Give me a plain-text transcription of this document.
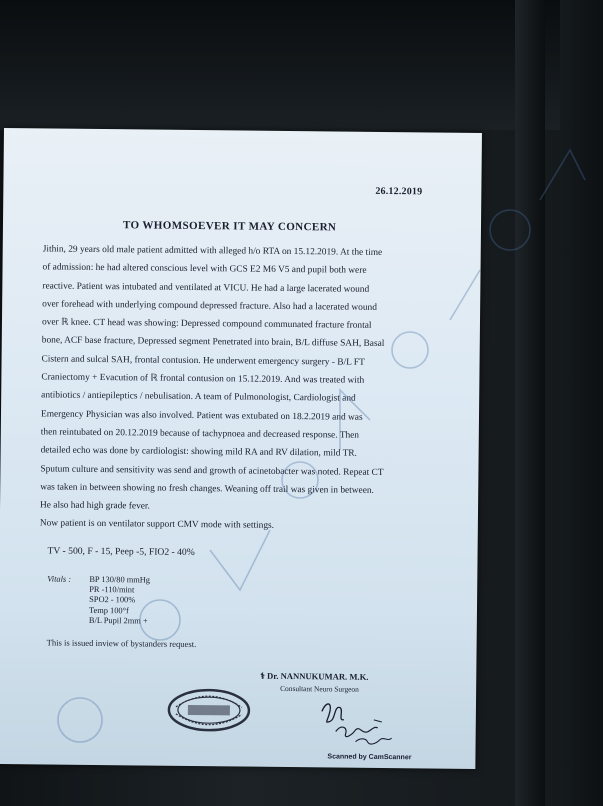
26.12.2019
TO WHOMSOEVER IT MAY CONCERN
Jithin, 29 years old male patient admitted with alleged h/o RTA on 15.12.2019. At the time
of admission: he had altered conscious level with GCS E2 M6 V5 and pupil both were
reactive. Patient was intubated and ventilated at VICU. He had a large lacerated wound
over forehead with underlying compound depressed fracture. Also had a lacerated wound
over ℝ knee. CT head was showing: Depressed compound communated fracture frontal
bone, ACF base fracture, Depressed segment Penetrated into brain, B/L diffuse SAH, Basal
Cistern and sulcal SAH, frontal contusion. He underwent emergency surgery - B/L FT
Craniectomy + Evacution of ℝ frontal contusion on 15.12.2019. And was treated with
antibiotics / antiepileptics / nebulisation. A team of Pulmonologist, Cardiologist and
Emergency Physician was also involved. Patient was extubated on 18.2.2019 and was
then reintubated on 20.12.2019 because of tachypnoea and decreased response. Then
detailed echo was done by cardiologist: showing mild RA and RV dilation, mild TR.
Sputum culture and sensitivity was send and growth of acinetobacter was noted. Repeat CT
was taken in between showing no fresh changes. Weaning off trail was given in between.
He also had high grade fever.
Now patient is on ventilator support CMV mode with settings.
TV - 500, F - 15, Peep -5, FIO2 - 40%
Vitals : BP 130/80 mmHg
PR -110/mint
SPO2 - 100%
Temp 100°f
B/L Pupil 2mm +
This is issued inview of bystanders request.
⚕ Dr. NANNUKUMAR. M.K.
Consultant Neuro Surgeon
Scanned by CamScanner
